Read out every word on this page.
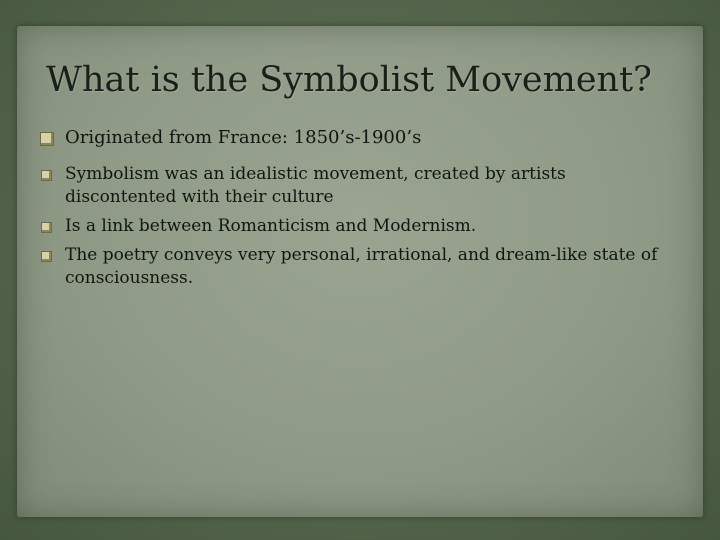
What is the Symbolist Movement?
Originated from France: 1850’s-1900’s
Symbolism was an idealistic movement, created by artists discontented with their culture
Is a link between Romanticism and Modernism.
The poetry conveys very personal, irrational, and dream-like state of consciousness.
